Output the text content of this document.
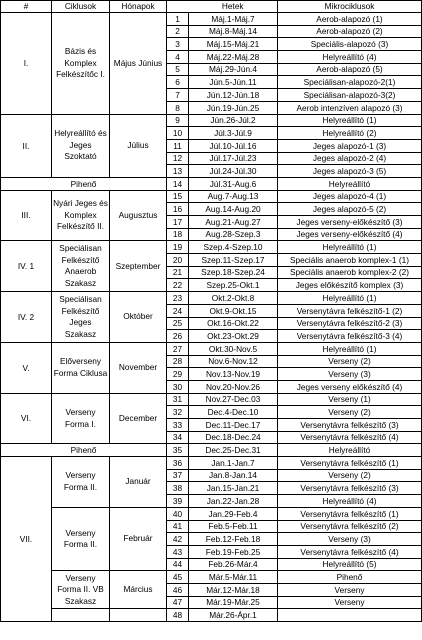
#	Ciklusok	Hónapok		Hetek	Mikrociklusok
I.	Bázis és Komplex Felkészítőc I.	Május Június	1	Máj.1-Máj.7	Aerob-alapozó (1)
			2	Máj.8-Máj.14	Aerob-alapozó (2)
			3	Máj.15-Máj.21	Speciális-alapozó (3)
			4	Máj.22-Máj.28	Helyreállító (4)
			5	Máj.29-Jún.4	Aerob-alapozó (5)
			6	Jún.5-Jún.11	Speciálisan-alapozó-2(1)
			7	Jún.12-Jún.18	Speciálisan-alapozó-3(2)
			8	Jún.19-Jún.25	Aerob intenzíven alapozó (3)
II.	Helyreállító és Jeges Szoktató	Július	9	Jún.26-Júl.2	Helyreállító (1)
			10	Júl.3-Júl.9	Helyreállító (2)
			11	Júl.10-Júl.16	Jeges alapozó-1 (3)
			12	Júl.17-Júl.23	Jeges alapozó-2 (4)
			13	Júl.24-Júl.30	Jeges alapozó-3 (5)
Pihenő			14	Júl.31-Aug.6	Helyreállító
III.	Nyári Jeges és Komplex Felkészítő II.	Augusztus	15	Aug.7-Aug.13	Jeges alapozó-4 (1)
			16	Aug.14-Aug.20	Jeges alapozó-5 (2)
			17	Aug.21-Aug.27	Jeges verseny-előkészítő (3)
			18	Aug.28-Szep.3	Jeges verseny-előkészítő (4)
IV. 1	Speciálisan Felkészítő Anaerob Szakasz	Szeptember	19	Szep.4-Szep.10	Helyreállító (1)
			20	Szep.11-Szep.17	Speciális anaerob komplex-1 (1)
			21	Szep.18-Szep.24	Speciális anaerob komplex-2 (2)
			22	Szep.25-Okt.1	Jeges előkészítő komplex (3)
IV. 2	Speciálisan Felkészítő Jeges Szakasz	Október	23	Okt.2-Okt.8	Helyreállító (1)
			24	Okt.9-Okt.15	Versenytávra felkészítő-1 (2)
			25	Okt.16-Okt.22	Versenytávra felkészítő-2 (3)
			26	Okt.23-Okt.29	Versenytávra felkészítő-3 (4)
V.	Előverseny Forma Ciklusa	November	27	Okt.30-Nov.5	Helyreállító (1)
			28	Nov.6-Nov.12	Verseny (2)
			29	Nov.13-Nov.19	Verseny (3)
			30	Nov.20-Nov.26	Jeges verseny előkészítő (4)
VI.	Verseny Forma I.	December	31	Nov.27-Dec.03	Verseny (1)
			32	Dec.4-Dec.10	Verseny (2)
			33	Dec.11-Dec.17	Versenytávra felkészítő (3)
			34	Dec.18-Dec.24	Versenytávra felkészítő (4)
Pihenő			35	Dec.25-Dec.31	Helyreállító
VII.	Verseny Forma II.	Január	36	Jan.1-Jan.7	Versenytávra felkészítő (1)
			37	Jan.8-Jan.14	Verseny (2)
			38	Jan.15-Jan.21	Versenytávra felkészítő (3)
			39	Jan.22-Jan.28	Helyreállító (4)
	Verseny Forma II.	Február	40	Jan.29-Feb.4	Versenytávra felkészítő (1)
			41	Feb.5-Feb.11	Versenytávra felkészítő (2)
			42	Feb.12-Feb.18	Verseny (3)
			43	Feb.19-Feb.25	Versenytávra felkészítő (4)
			44	Feb.26-Már.4	Helyreállító (5)
	Verseny Forma II. VB Szakasz	Március	45	Már.5-Már.11	Pihenő
			46	Már.12-Már.18	Verseny
			47	Már.19-Már.25	Verseny
			48	Már.26-Ápr.1	
